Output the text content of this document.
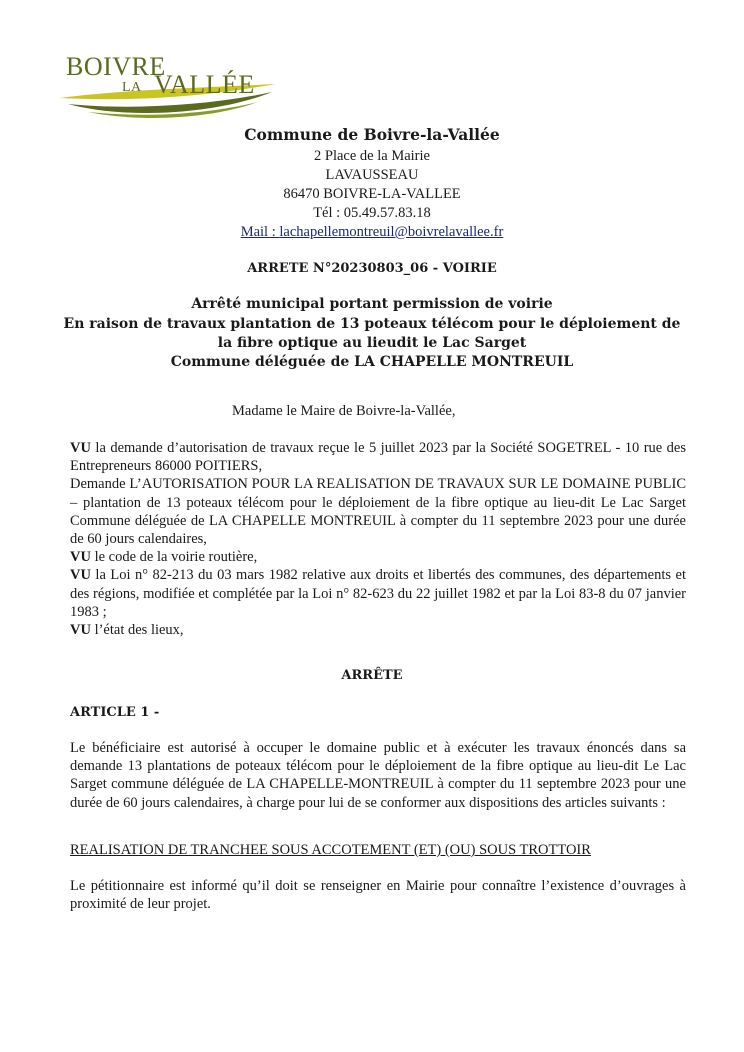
BOIVRE
LA VALLÉE
Commune de Boivre-la-Vallée
2 Place de la Mairie
LAVAUSSEAU
86470 BOIVRE-LA-VALLEE
Tél : 05.49.57.83.18
Mail : lachapellemontreuil@boivrelavallee.fr
ARRETE N°20230803_06 - VOIRIE
Arrêté municipal portant permission de voirie
En raison de travaux plantation de 13 poteaux télécom pour le déploiement de
la fibre optique au lieudit le Lac Sarget
Commune déléguée de LA CHAPELLE MONTREUIL
Madame le Maire de Boivre-la-Vallée,

VU la demande d’autorisation de travaux reçue le 5 juillet 2023 par la Société SOGETREL - 10 rue des Entrepreneurs 86000 POITIERS,

Demande L’AUTORISATION POUR LA REALISATION DE TRAVAUX SUR LE DOMAINE PUBLIC – plantation de 13 poteaux télécom pour le déploiement de la fibre optique au lieu-dit Le Lac Sarget Commune déléguée de LA CHAPELLE MONTREUIL à compter du 11 septembre 2023 pour une durée de 60 jours calendaires,

VU le code de la voirie routière,

VU la Loi n° 82-213 du 03 mars 1982 relative aux droits et libertés des communes, des départements et des régions, modifiée et complétée par la Loi n° 82-623 du 22 juillet 1982 et par la Loi 83-8 du 07 janvier 1983 ;

VU l’état des lieux,

ARRÊTE
ARTICLE 1 -
Le bénéficiaire est autorisé à occuper le domaine public et à exécuter les travaux énoncés dans sa demande 13 plantations de poteaux télécom pour le déploiement de la fibre optique au lieu-dit Le Lac Sarget commune déléguée de LA CHAPELLE-MONTREUIL à compter du 11 septembre 2023 pour une durée de 60 jours calendaires, à charge pour lui de se conformer aux dispositions des articles suivants :
REALISATION DE TRANCHEE SOUS ACCOTEMENT (ET) (OU) SOUS TROTTOIR
Le pétitionnaire est informé qu’il doit se renseigner en Mairie pour connaître l’existence d’ouvrages à proximité de leur projet.
